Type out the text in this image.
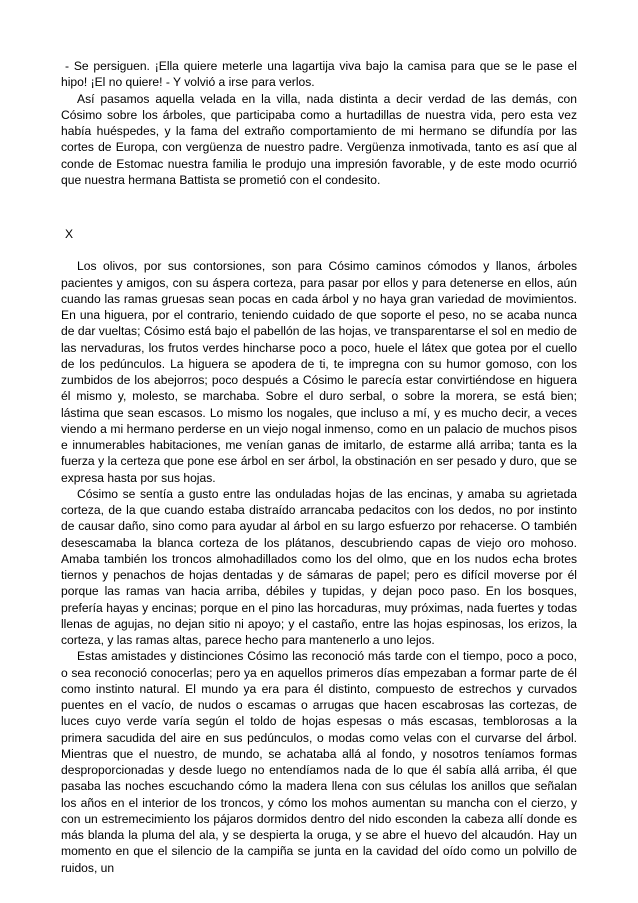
- Se persiguen. ¡Ella quiere meterle una lagartija viva bajo la camisa para que se le pase el hipo! ¡El no quiere! - Y volvió a irse para verlos.

Así pasamos aquella velada en la villa, nada distinta a decir verdad de las demás, con Cósimo sobre los árboles, que participaba como a hurtadillas de nuestra vida, pero esta vez había huéspedes, y la fama del extraño comportamiento de mi hermano se difundía por las cortes de Europa, con vergüenza de nuestro padre. Vergüenza inmotivada, tanto es así que al conde de Estomac nuestra familia le produjo una impresión favorable, y de este modo ocurrió que nuestra hermana Battista se prometió con el condesito.

X

Los olivos, por sus contorsiones, son para Cósimo caminos cómodos y llanos, árboles pacientes y amigos, con su áspera corteza, para pasar por ellos y para detenerse en ellos, aún cuando las ramas gruesas sean pocas en cada árbol y no haya gran variedad de movimientos. En una higuera, por el contrario, teniendo cuidado de que soporte el peso, no se acaba nunca de dar vueltas; Cósimo está bajo el pabellón de las hojas, ve transparentarse el sol en medio de las nervaduras, los frutos verdes hincharse poco a poco, huele el látex que gotea por el cuello de los pedúnculos. La higuera se apodera de ti, te impregna con su humor gomoso, con los zumbidos de los abejorros; poco después a Cósimo le parecía estar convirtiéndose en higuera él mismo y, molesto, se marchaba. Sobre el duro serbal, o sobre la morera, se está bien; lástima que sean escasos. Lo mismo los nogales, que incluso a mí, y es mucho decir, a veces viendo a mi hermano perderse en un viejo nogal inmenso, como en un palacio de muchos pisos e innumerables habitaciones, me venían ganas de imitarlo, de estarme allá arriba; tanta es la fuerza y la certeza que pone ese árbol en ser árbol, la obstinación en ser pesado y duro, que se expresa hasta por sus hojas.

Cósimo se sentía a gusto entre las onduladas hojas de las encinas, y amaba su agrietada corteza, de la que cuando estaba distraído arrancaba pedacitos con los dedos, no por instinto de causar daño, sino como para ayudar al árbol en su largo esfuerzo por rehacerse. O también desescamaba la blanca corteza de los plátanos, descubriendo capas de viejo oro mohoso. Amaba también los troncos almohadillados como los del olmo, que en los nudos echa brotes tiernos y penachos de hojas dentadas y de sámaras de papel; pero es difícil moverse por él porque las ramas van hacia arriba, débiles y tupidas, y dejan poco paso. En los bosques, prefería hayas y encinas; porque en el pino las horcaduras, muy próximas, nada fuertes y todas llenas de agujas, no dejan sitio ni apoyo; y el castaño, entre las hojas espinosas, los erizos, la corteza, y las ramas altas, parece hecho para mantenerlo a uno lejos.

Estas amistades y distinciones Cósimo las reconoció más tarde con el tiempo, poco a poco, o sea reconoció conocerlas; pero ya en aquellos primeros días empezaban a formar parte de él como instinto natural. El mundo ya era para él distinto, compuesto de estrechos y curvados puentes en el vacío, de nudos o escamas o arrugas que hacen escabrosas las cortezas, de luces cuyo verde varía según el toldo de hojas espesas o más escasas, temblorosas a la primera sacudida del aire en sus pedúnculos, o modas como velas con el curvarse del árbol. Mientras que el nuestro, de mundo, se achataba allá al fondo, y nosotros teníamos formas desproporcionadas y desde luego no entendíamos nada de lo que él sabía allá arriba, él que pasaba las noches escuchando cómo la madera llena con sus células los anillos que señalan los años en el interior de los troncos, y cómo los mohos aumentan su mancha con el cierzo, y con un estremecimiento los pájaros dormidos dentro del nido esconden la cabeza allí donde es más blanda la pluma del ala, y se despierta la oruga, y se abre el huevo del alcaudón. Hay un momento en que el silencio de la campiña se junta en la cavidad del oído como un polvillo de ruidos, un
